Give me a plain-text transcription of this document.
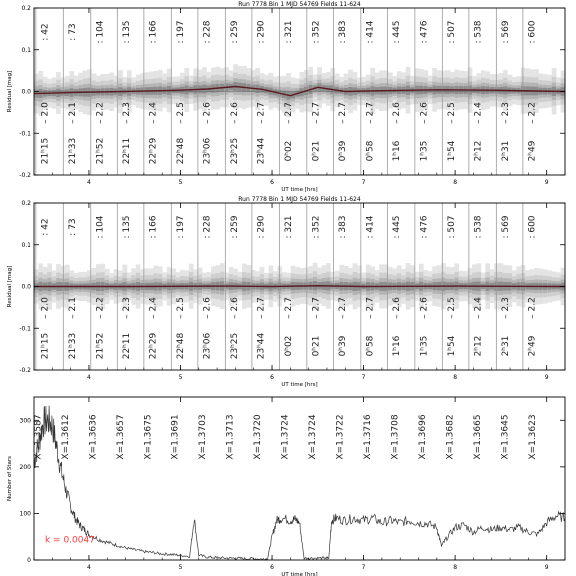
: 42
– 2.0
21ʰ15
: 73
– 2.1
21ʰ33
: 104
– 2.2
21ʰ52
: 135
– 2.3
22ʰ11
: 166
– 2.4
22ʰ29
: 197
– 2.5
22ʰ48
: 228
– 2.6
23ʰ06
: 259
– 2.6
23ʰ25
: 290
– 2.7
23ʰ44
: 321
– 2.7
0ʰ02
: 352
– 2.7
0ʰ21
: 383
– 2.7
0ʰ39
: 414
– 2.7
0ʰ58
: 445
– 2.6
1ʰ16
: 476
– 2.6
1ʰ35
: 507
– 2.5
1ʰ54
: 538
– 2.4
2ʰ12
: 569
– 2.3
2ʰ31
: 600
– 2.2
2ʰ49
Run 7778 Bin 1 MJD 54769 Fields 11-624
4	5	6	7	8	9
-0.2
-0.1
0.0
0.1
0.2
UT time [hrs]
Residual [mag]
: 42
– 2.0
21ʰ15
: 73
– 2.1
21ʰ33
: 104
– 2.2
21ʰ52
: 135
– 2.3
22ʰ11
: 166
– 2.4
22ʰ29
: 197
– 2.5
22ʰ48
: 228
– 2.6
23ʰ06
: 259
– 2.6
23ʰ25
: 290
– 2.7
23ʰ44
: 321
– 2.7
0ʰ02
: 352
– 2.7
0ʰ21
: 383
– 2.7
0ʰ39
: 414
– 2.7
0ʰ58
: 445
– 2.6
1ʰ16
: 476
– 2.6
1ʰ35
: 507
– 2.5
1ʰ54
: 538
– 2.4
2ʰ12
: 569
– 2.3
2ʰ31
: 600
– 2.2
2ʰ49
Run 7778 Bin 1 MJD 54769 Fields 11-624
4	5	6	7	8	9
-0.2
-0.1
0.0
0.1
0.2
UT time [hrs]
Residual [mag]
X=1.3587 X=1.3612 X=1.3636 X=1.3657 X=1.3675 X=1.3691 X=1.3703 X=1.3713 X=1.3720 X=1.3724 X=1.3724 X=1.3722 X=1.3716 X=1.3708 X=1.3696 X=1.3682 X=1.3665 X=1.3645 X=1.3623
k = 0.0047
4	5	6	7	8	9
0
100
200
300
UT time [hrs]
Number of Stars
